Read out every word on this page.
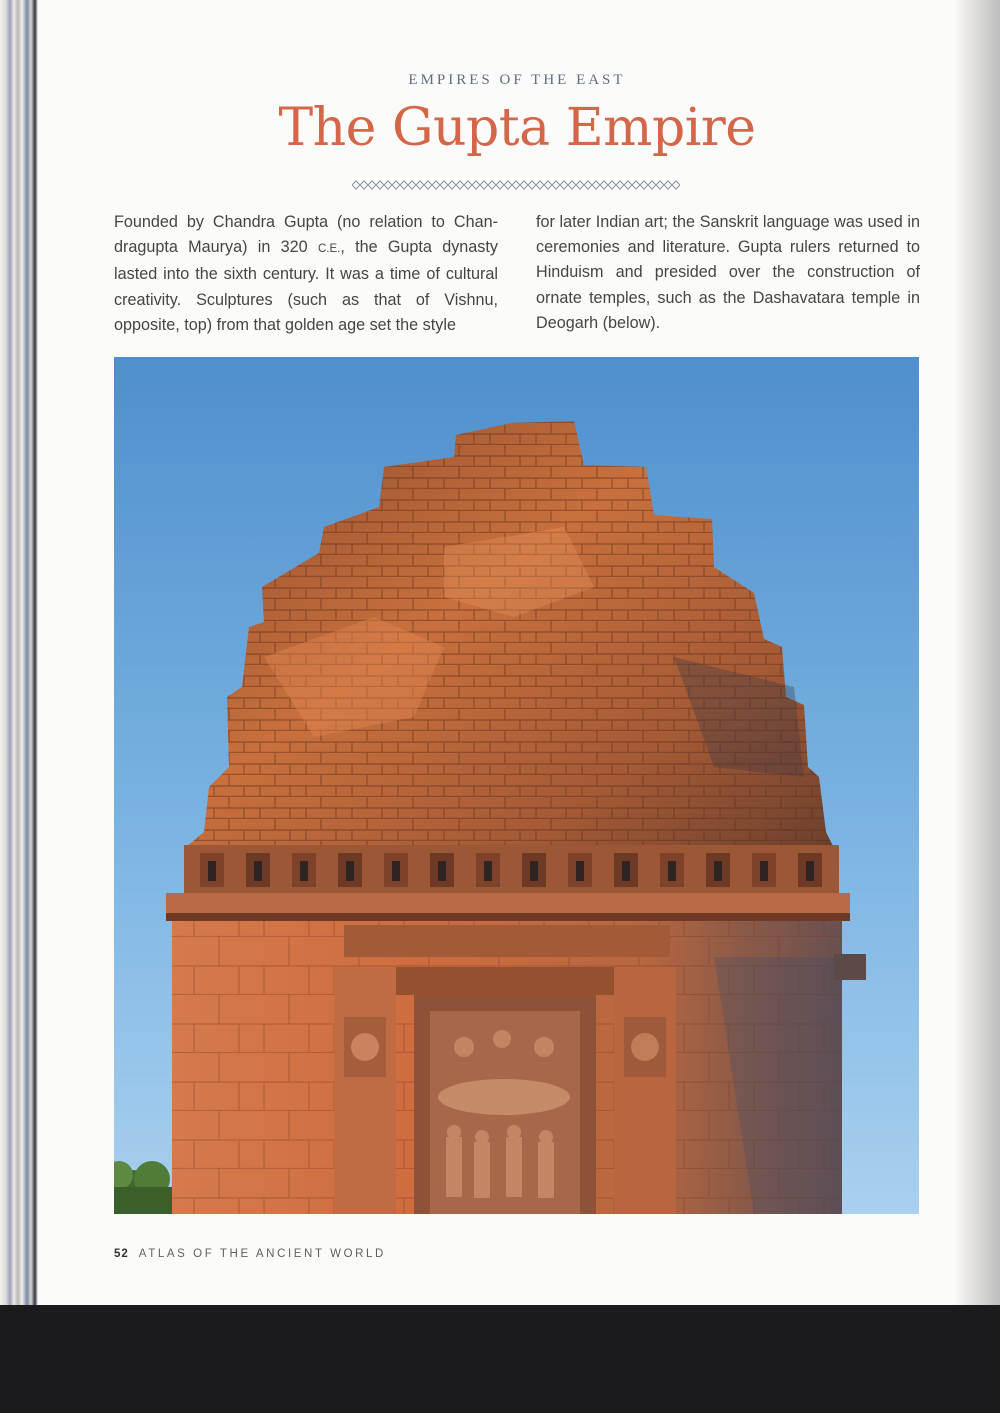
EMPIRES OF THE EAST
The Gupta Empire
Founded by Chandra Gupta (no relation to Chandragupta Maurya) in 320 C.E., the Gupta dynasty lasted into the sixth century. It was a time of cultural creativity. Sculptures (such as that of Vishnu, opposite, top) from that golden age set the style
for later Indian art; the Sanskrit language was used in ceremonies and literature. Gupta rulers returned to Hinduism and presided over the construction of ornate temples, such as the Dashavatara temple in Deogarh (below).
52 ATLAS OF THE ANCIENT WORLD
